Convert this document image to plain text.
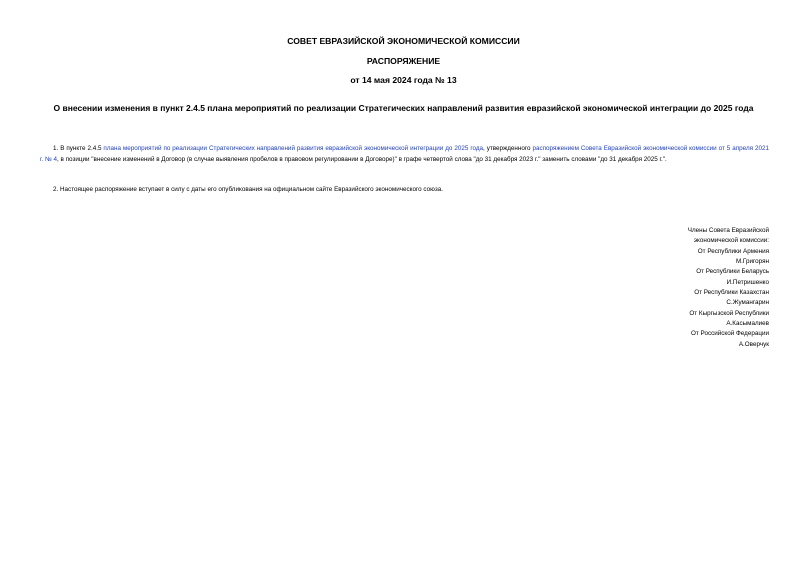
СОВЕТ ЕВРАЗИЙСКОЙ ЭКОНОМИЧЕСКОЙ КОМИССИИ
РАСПОРЯЖЕНИЕ
от 14 мая 2024 года № 13
О внесении изменения в пункт 2.4.5 плана мероприятий по реализации Стратегических направлений развития евразийской экономической интеграции до 2025 года
1. В пункте 2.4.5 плана мероприятий по реализации Стратегических направлений развития евразийской экономической интеграции до 2025 года, утвержденного распоряжением Совета Евразийской экономической комиссии от 5 апреля 2021 г. № 4, в позиции "внесение изменений в Договор (в случае выявления пробелов в правовом регулировании в Договоре)" в графе четвертой слова "до 31 декабря 2023 г." заменить словами "до 31 декабря 2025 г.".
2. Настоящее распоряжение вступает в силу с даты его опубликования на официальном сайте Евразийского экономического союза.
Члены Совета Евразийской
экономической комиссии:
От Республики Армения
М.Григорян
От Республики Беларусь
И.Петришенко
От Республики Казахстан
С.Жумангарин
От Кыргызской Республики
А.Касымалиев
От Российской Федерации
А.Оверчук
